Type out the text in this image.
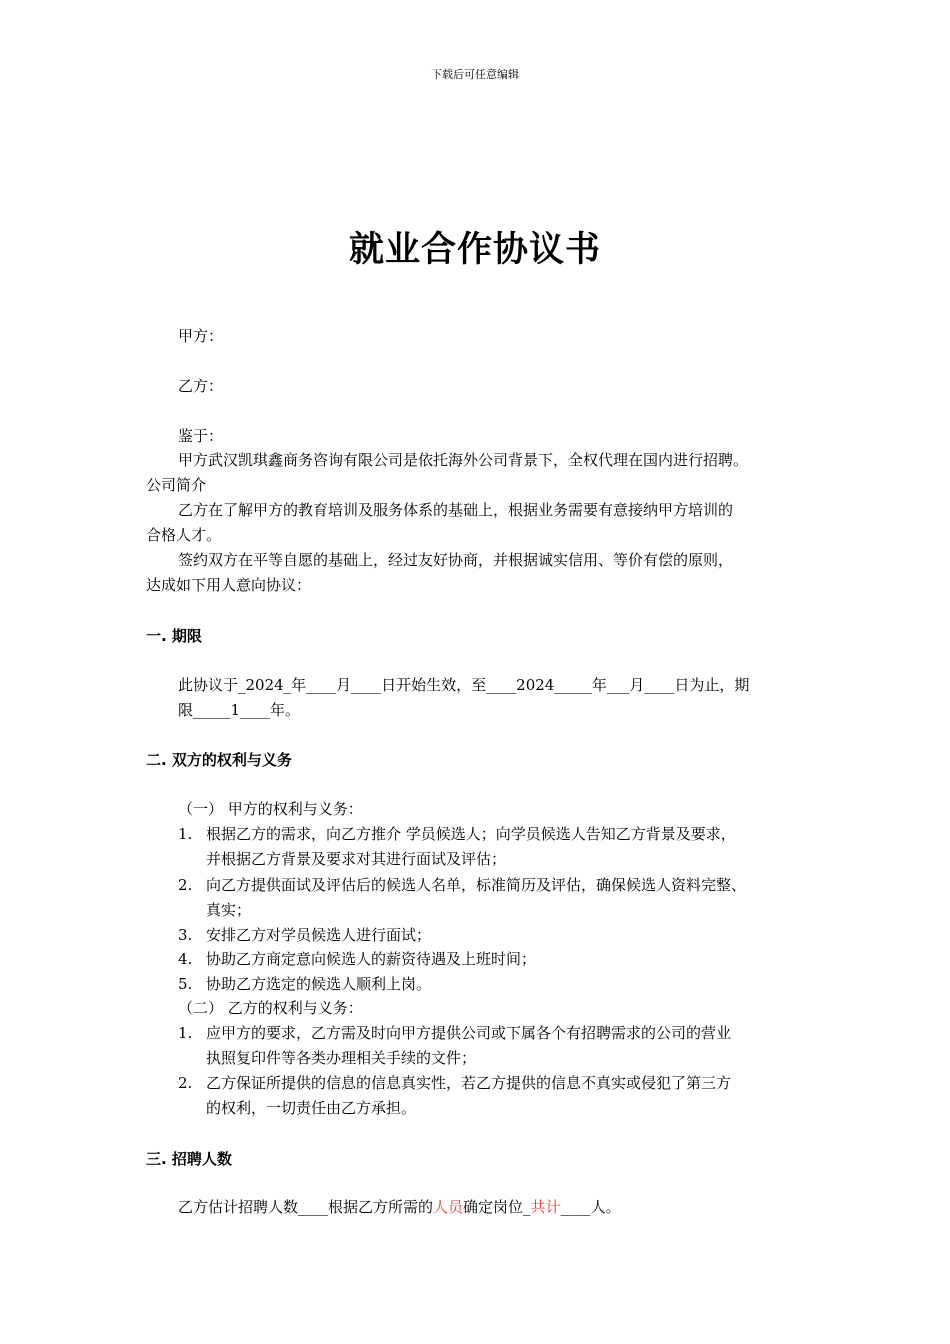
下载后可任意编辑
就业合作协议书
甲方：
乙方：
鉴于：
甲方武汉凯琪鑫商务咨询有限公司是依托海外公司背景下，全权代理在国内进行招聘。
公司简介
乙方在了解甲方的教育培训及服务体系的基础上，根据业务需要有意接纳甲方培训的
合格人才。
签约双方在平等自愿的基础上，经过友好协商，并根据诚实信用、等价有偿的原则，
达成如下用人意向协议：
一. 期限
此协议于_2024_年____月____日开始生效，至____2024_____年___月____日为止，期
限_____1____年。
二. 双方的权利与义务
（一） 甲方的权利与义务：
1. 根据乙方的需求，向乙方推介 学员候选人；向学员候选人告知乙方背景及要求，
并根据乙方背景及要求对其进行面试及评估；
2. 向乙方提供面试及评估后的候选人名单，标准简历及评估，确保候选人资料完整、
真实；
3. 安排乙方对学员候选人进行面试；
4. 协助乙方商定意向候选人的薪资待遇及上班时间；
5. 协助乙方选定的候选人顺利上岗。
（二） 乙方的权利与义务：
1. 应甲方的要求，乙方需及时向甲方提供公司或下属各个有招聘需求的公司的营业
执照复印件等各类办理相关手续的文件；
2. 乙方保证所提供的信息的信息真实性，若乙方提供的信息不真实或侵犯了第三方
的权利，一切责任由乙方承担。
三. 招聘人数
乙方估计招聘人数____根据乙方所需的人员确定岗位_共计____人。
